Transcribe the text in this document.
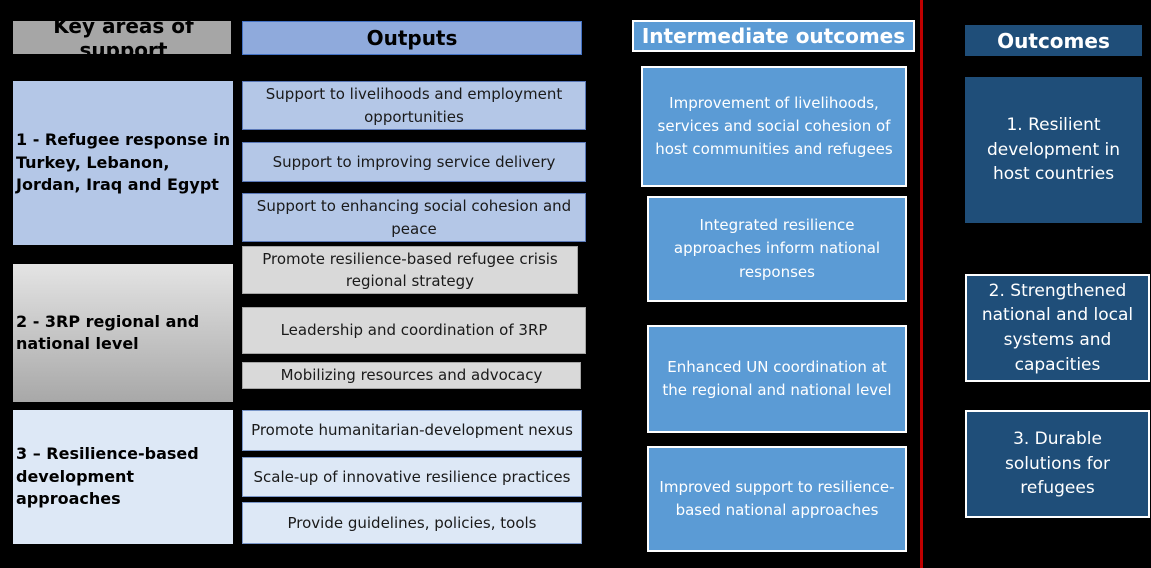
Key areas of support	Outputs	Intermediate outcomes	Outcomes
1 - Refugee response in Turkey, Lebanon, Jordan, Iraq and Egypt
2 - 3RP regional and national level
3 – Resilience-based development approaches
Support to livelihoods and employment opportunities
Support to improving service delivery
Support to enhancing social cohesion and peace
Promote resilience-based refugee crisis regional strategy
Leadership and coordination of 3RP
Mobilizing resources and advocacy
Promote humanitarian-development nexus
Scale-up of innovative resilience practices
Provide guidelines, policies, tools
Improvement of livelihoods, services and social cohesion of host communities and refugees
Integrated resilience approaches inform national responses
Enhanced UN coordination at the regional and national level
Improved support to resilience-based national approaches
1. Resilient development in host countries
2. Strengthened national and local systems and capacities
3. Durable solutions for refugees
